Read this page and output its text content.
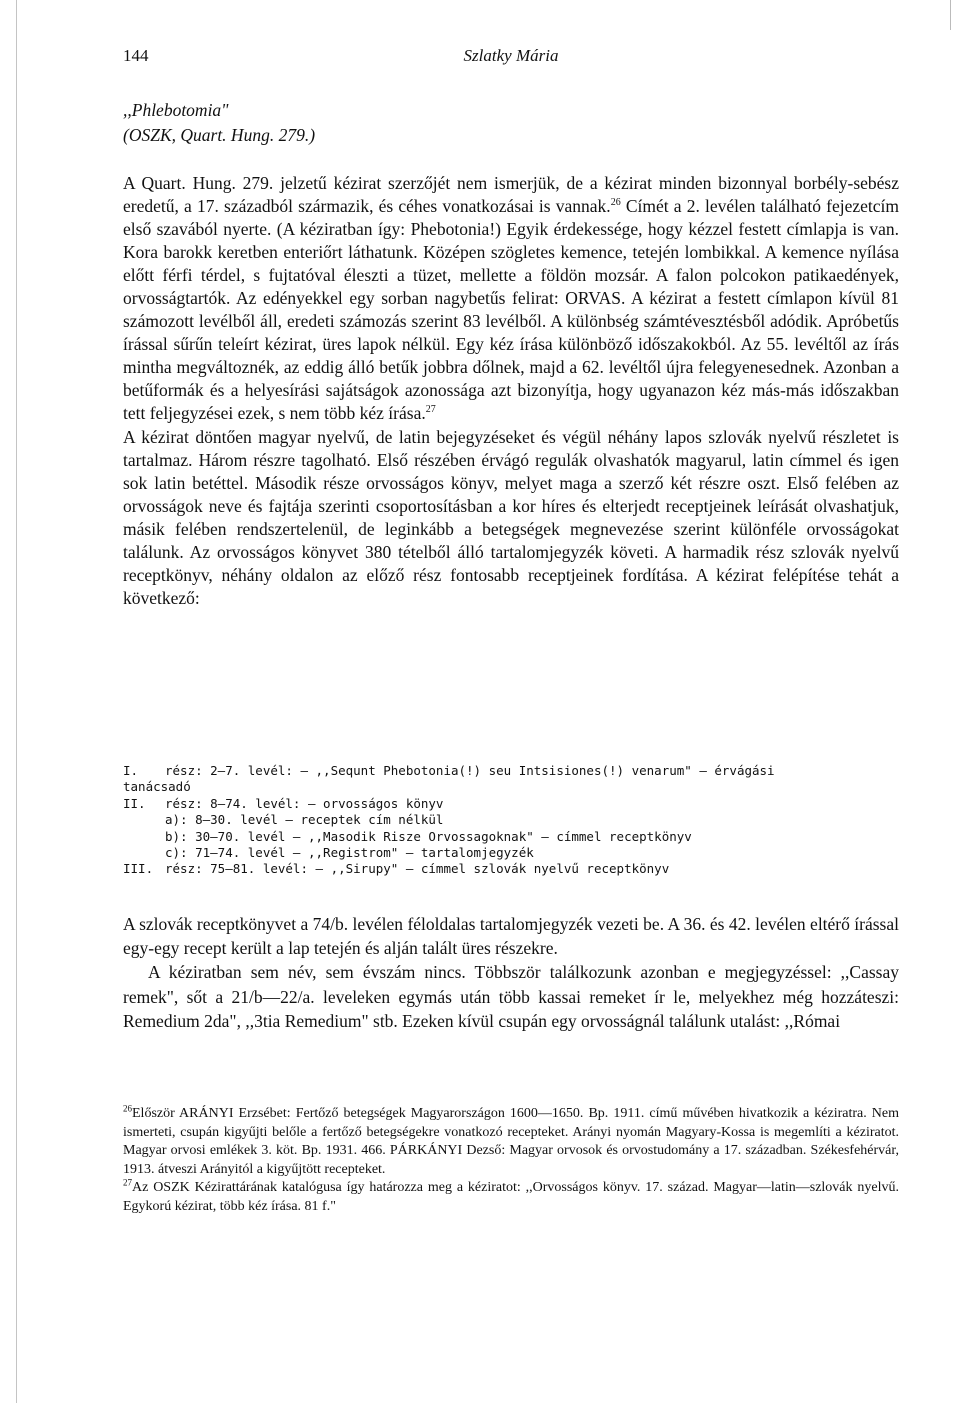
144	Szlatky Mária
,,Phlebotomia"
(OSZK, Quart. Hung. 279.)

A Quart. Hung. 279. jelzetű kézirat szerzőjét nem ismerjük, de a kézirat minden bizonnyal borbély-sebész eredetű, a 17. századból származik, és céhes vonatkozásai is vannak.$^{26}$ Címét a 2. levélen található fejezetcím első szavából nyerte. (A kéziratban így: Phebotonia!) Egyik érdekessége, hogy kézzel festett címlapja is van. Kora barokk keretben enteriőrt láthatunk. Középen szögletes kemence, tetején lombikkal. A kemence nyílása előtt férfi térdel, s fujtatóval éleszti a tüzet, mellette a földön mozsár. A falon polcokon patikaedények, orvosságtartók. Az edényekkel egy sorban nagybetűs felirat: ORVAS. A kézirat a festett címlapon kívül 81 számozott levélből áll, eredeti számozás szerint 83 levélből. A különbség számtévesztésből adódik. Apróbetűs írással sűrűn teleírt kézirat, üres lapok nélkül. Egy kéz írása különböző időszakokból. Az 55. levéltől az írás mintha megváltoznék, az eddig álló betűk jobbra dőlnek, majd a 62. levéltől újra felegyenesednek. Azonban a betűformák és a helyesírási sajátságok azonossága azt bizonyítja, hogy ugyanazon kéz más-más időszakban tett feljegyzései ezek, s nem több kéz írása.$^{27}$

A kézirat döntően magyar nyelvű, de latin bejegyzéseket és végül néhány lapos szlovák nyelvű részletet is tartalmaz. Három részre tagolható. Első részében érvágó regulák olvashatók magyarul, latin címmel és igen sok latin betéttel. Második része orvosságos könyv, melyet maga a szerző két részre oszt. Első felében az orvosságok neve és fajtája szerinti csoportosításban a kor híres és elterjedt receptjeinek leírását olvashatjuk, másik felében rendszertelenül, de leginkább a betegségek megnevezése szerint különféle orvosságokat találunk. Az orvosságos könyvet 380 tételből álló tartalomjegyzék követi. A harmadik rész szlovák nyelvű receptkönyv, néhány oldalon az előző rész fontosabb receptjeinek fordítása. A kézirat felépítése tehát a következő:

I.	rész: 2—7. levél: — ,,Sequnt Phebotonia(!) seu Intsisiones(!) venarum" — érvágási
tanácsadó
II.	rész: 8—74. levél: — orvosságos könyv
a): 8—30. levél — receptek cím nélkül
b): 30—70. levél — ,,Masodik Risze Orvossagoknak" — címmel receptkönyv
c): 71—74. levél — ,,Registrom" — tartalomjegyzék
III. rész: 75—81. levél: — ,,Sirupy" — címmel szlovák nyelvű receptkönyv

A szlovák receptkönyvet a 74/b. levélen féloldalas tartalomjegyzék vezeti be. A 36. és 42. levélen eltérő írással egy-egy recept került a lap tetején és alján talált üres részekre.

A kéziratban sem név, sem évszám nincs. Többször találkozunk azonban e megjegyzéssel: ,,Cassay remek", sőt a 21/b—22/a. leveleken egymás után több kassai remeket ír le, melyekhez még hozzáteszi: Remedium 2da", ,,3tia Remedium" stb. Ezeken kívül csupán egy orvosságnál találunk utalást: ,,Római

$^{26}$Először ARÁNYI Erzsébet: Fertőző betegségek Magyarországon 1600—1650. Bp. 1911. című művében hivatkozik a kéziratra. Nem ismerteti, csupán kigyűjti belőle a fertőző betegségekre vonatkozó recepteket. Arányi nyomán Magyary-Kossa is megemlíti a kéziratot. Magyar orvosi emlékek 3. köt. Bp. 1931. 466. PÁRKÁNYI Dezső: Magyar orvosok és orvostudomány a 17. században. Székesfehérvár, 1913. átveszi Arányitól a kigyűjtött recepteket.

$^{27}$Az OSZK Kézirattárának katalógusa így határozza meg a kéziratot: ,,Orvosságos könyv. 17. század. Magyar—latin—szlovák nyelvű. Egykorú kézirat, több kéz írása. 81 f."
